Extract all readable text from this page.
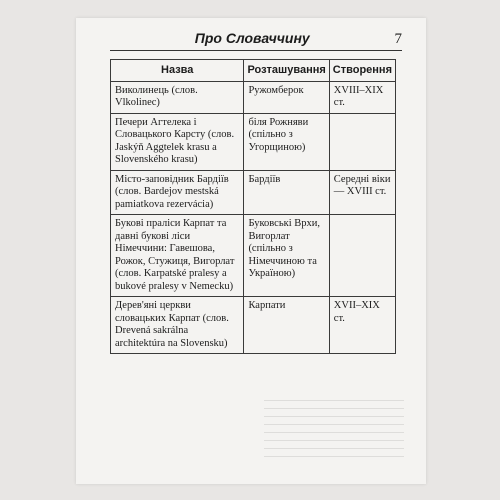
Про Словаччину	7
Назва	Розташування	Створення
Виколинець (слов. Vlkolinec)	Ружомберок	XVIII–XIX ст.
Печери Агтелека і Словацького Карсту (слов. Jaskýň Aggtelek krasu a Slovenského krasu)	біля Рожняви (спільно з Угорщиною)	
Місто-заповідник Бардіїв (слов. Bardejov mestská pamiatkova rezervácia)	Бардіїв	Середні віки — XVIII ст.
Букові праліси Карпат та давні букові ліси Німеччини: Гавешова, Рожок, Стужиця, Вигорлат (слов. Karpatské pralesy a bukové pralesy v Nemecku)	Буковські Врхи, Вигорлат (спільно з Німеччиною та Україною)	
Дерев'яні церкви словацьких Карпат (слов. Drevená sakrálna architektúra na Slovensku)	Карпати	XVII–XIX ст.
